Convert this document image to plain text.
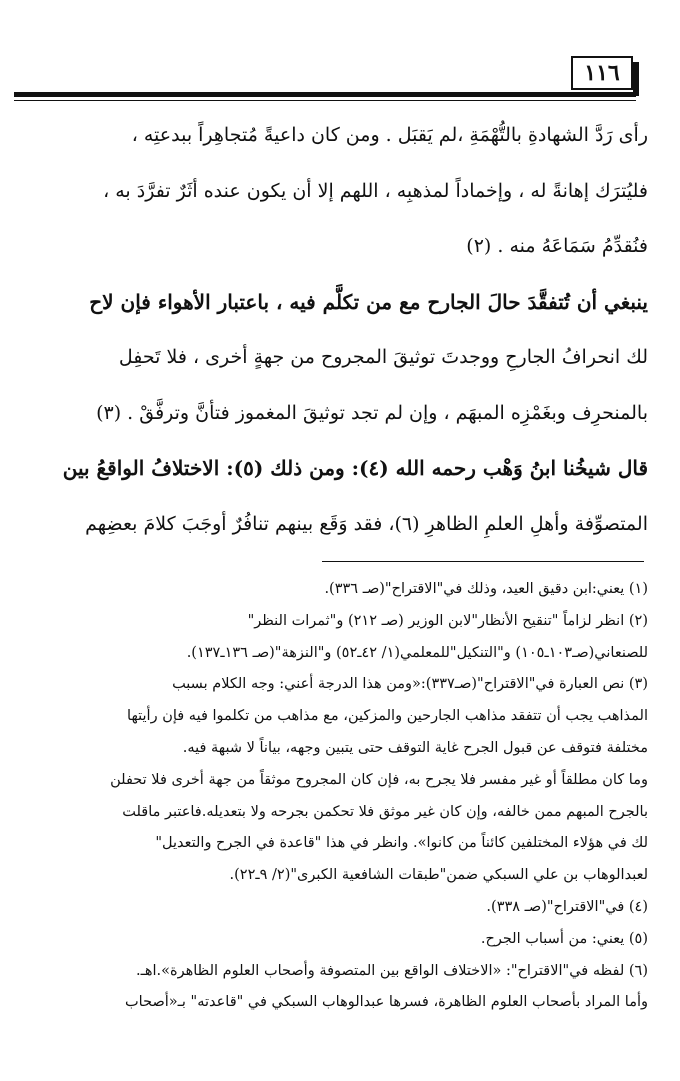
١١٦

رأى رَدَّ الشهادةِ بالتُّهْمَةِ ،لم يَقبَل . ومن كان داعيةً مُتجاهِراً ببدعتِه ،

فليُترَك إهانةً له ، وإخماداً لمذهبِه ، اللهم إلا أن يكون عنده أثَرٌ تفرَّدَ به ،

فنُقدِّمُ سَمَاعَهُ منه . (٢)

ينبغي أن تُتفقَّدَ حالَ الجارح مع من تكلَّم فيه ، باعتبار الأهواء فإن لاح

لك انحرافُ الجارحِ ووجدتَ توثيقَ المجروح من جهةٍ أخرى ، فلا تَحفِل

بالمنحرِف وبغَمْزِه المبهَم ، وإن لم تجد توثيقَ المغموز فتأنَّ وترفَّقْ . (٣)

قال شيخُنا ابنُ وَهْب رحمه الله (٤): ومن ذلك (٥): الاختلافُ الواقعُ بين

المتصوِّفة وأهلِ العلمِ الظاهرِ (٦)، فقد وَقَع بينهم تنافُرٌ أوجَبَ كلامَ بعضِهم

(١) يعني:ابن دقيق العيد، وذلك في"الاقتراح"(صـ ٣٣٦).

(٢) انظر لزاماً "تنقيح الأنظار"لابن الوزير (صـ ٢١٢) و"ثمرات النظر"

للصنعاني(صـ١٠٣ـ١٠٥) و"التنكيل"للمعلمي(١/ ٤٢ـ٥٢) و"النزهة"(صـ ١٣٦ـ١٣٧).

(٣) نص العبارة في"الاقتراح"(صـ٣٣٧):«ومن هذا الدرجة أعني: وجه الكلام بسبب

المذاهب يجب أن تتفقد مذاهب الجارحين والمزكين، مع مذاهب من تكلموا فيه فإن رأيتها

مختلفة فتوقف عن قبول الجرح غاية التوقف حتى يتبين وجهه، بياناً لا شبهة فيه.

وما كان مطلقاً أو غير مفسر فلا يجرح به، فإن كان المجروح موثقاً من جهة أخرى فلا تحفلن

بالجرح المبهم ممن خالفه، وإن كان غير موثق فلا تحكمن بجرحه ولا بتعديله.فاعتبر ماقلت

لك في هؤلاء المختلفين كائناً من كانوا». وانظر في هذا "قاعدة في الجرح والتعديل"

لعبدالوهاب بن علي السبكي ضمن"طبقات الشافعية الكبرى"(٢/ ٩ـ٢٢).

(٤) في"الاقتراح"(صـ ٣٣٨).

(٥) يعني: من أسباب الجرح.

(٦) لفظه في"الاقتراح": «الاختلاف الواقع بين المتصوفة وأصحاب العلوم الظاهرة».اهـ.

وأما المراد بأصحاب العلوم الظاهرة، فسرها عبدالوهاب السبكي في "قاعدته" بـ«أصحاب
